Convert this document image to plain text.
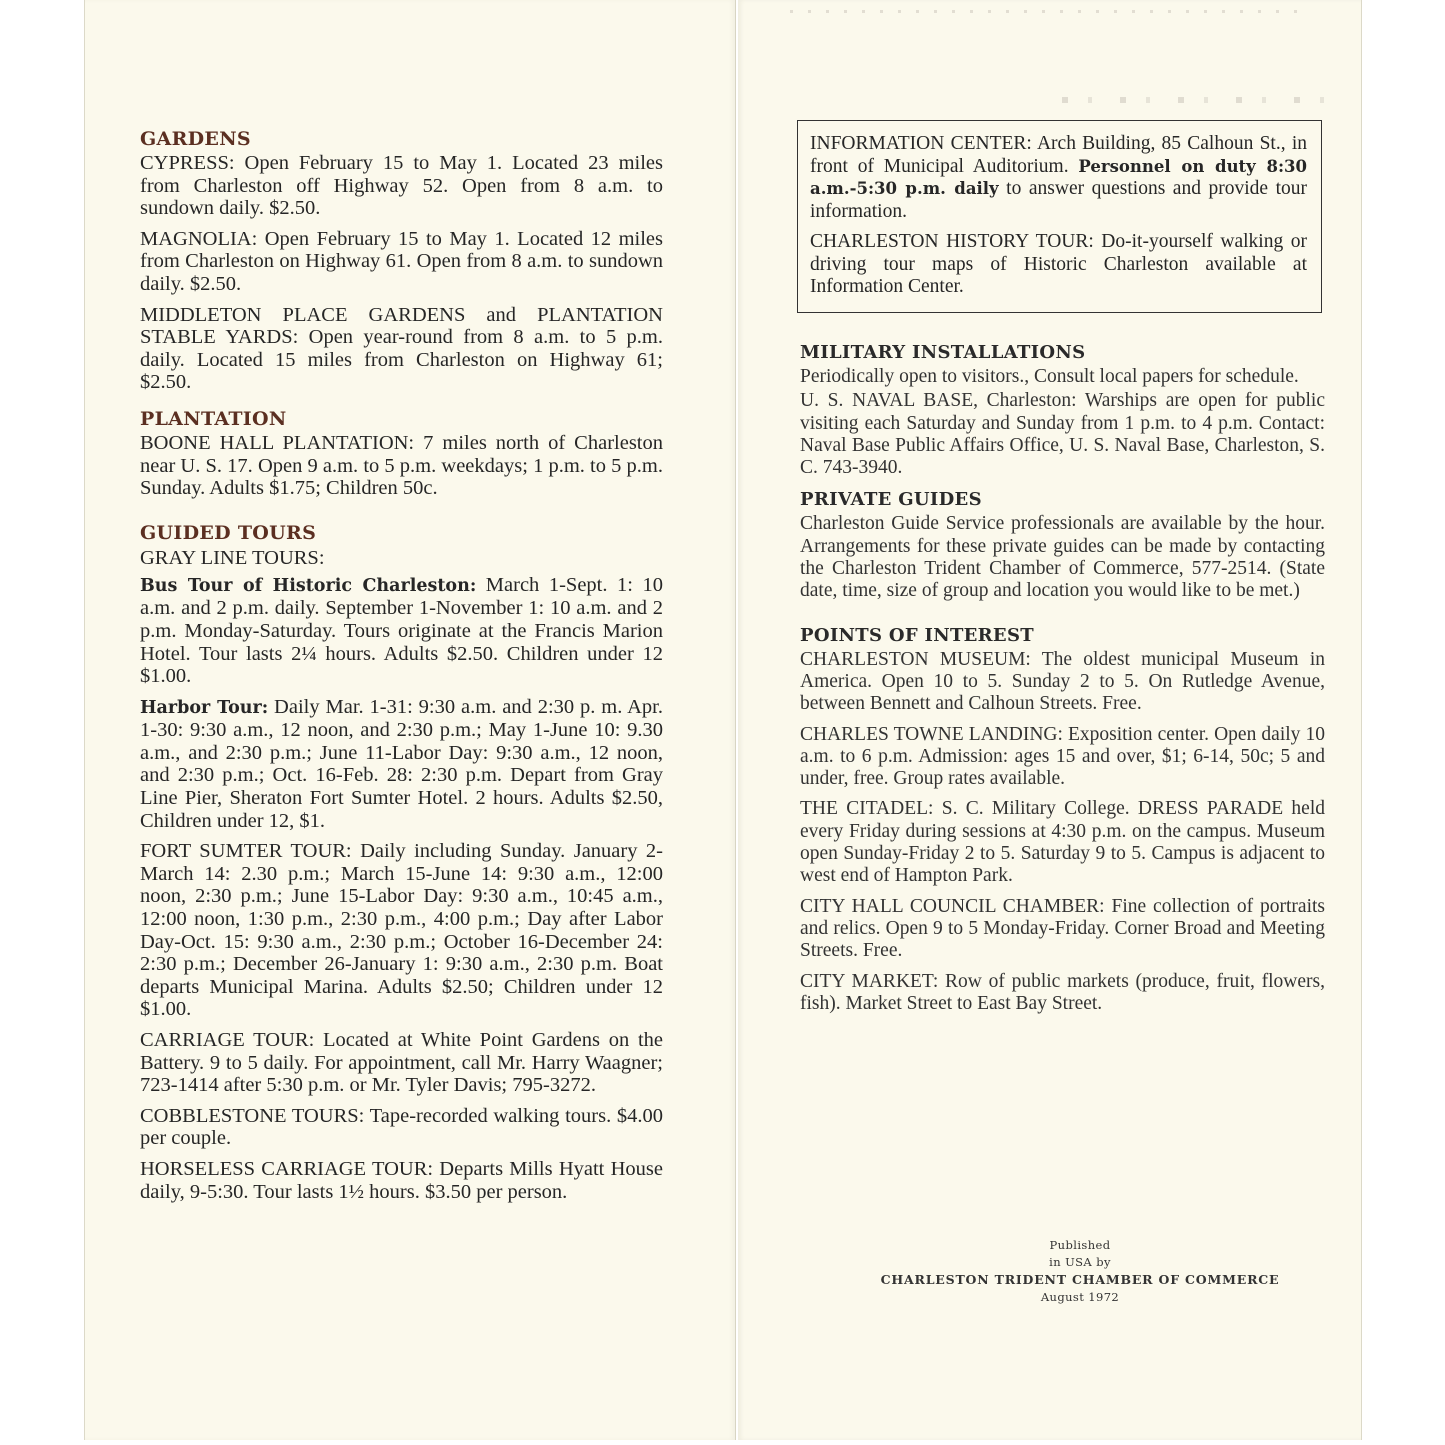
GARDENS

CYPRESS: Open February 15 to May 1. Located 23 miles from Charleston off Highway 52. Open from 8 a.m. to sundown daily. $2.50.

MAGNOLIA: Open February 15 to May 1. Located 12 miles from Charleston on Highway 61. Open from 8 a.m. to sundown daily. $2.50.

MIDDLETON PLACE GARDENS and PLANTATION STABLE YARDS: Open year-round from 8 a.m. to 5 p.m. daily. Located 15 miles from Charleston on Highway 61; $2.50.

PLANTATION

BOONE HALL PLANTATION: 7 miles north of Charleston near U. S. 17. Open 9 a.m. to 5 p.m. weekdays; 1 p.m. to 5 p.m. Sunday. Adults $1.75; Children 50c.

GUIDED TOURS

GRAY LINE TOURS:

Bus Tour of Historic Charleston: March 1-Sept. 1: 10 a.m. and 2 p.m. daily. September 1-November 1: 10 a.m. and 2 p.m. Monday-Saturday. Tours originate at the Francis Marion Hotel. Tour lasts 2¼ hours. Adults $2.50. Children under 12 $1.00.

Harbor Tour: Daily Mar. 1-31: 9:30 a.m. and 2:30 p. m. Apr. 1-30: 9:30 a.m., 12 noon, and 2:30 p.m.; May 1-June 10: 9.30 a.m., and 2:30 p.m.; June 11-Labor Day: 9:30 a.m., 12 noon, and 2:30 p.m.; Oct. 16-Feb. 28: 2:30 p.m. Depart from Gray Line Pier, Sheraton Fort Sumter Hotel. 2 hours. Adults $2.50, Children under 12, $1.

FORT SUMTER TOUR: Daily including Sunday. January 2-March 14: 2.30 p.m.; March 15-June 14: 9:30 a.m., 12:00 noon, 2:30 p.m.; June 15-Labor Day: 9:30 a.m., 10:45 a.m., 12:00 noon, 1:30 p.m., 2:30 p.m., 4:00 p.m.; Day after Labor Day-Oct. 15: 9:30 a.m., 2:30 p.m.; October 16-December 24: 2:30 p.m.; December 26-January 1: 9:30 a.m., 2:30 p.m. Boat departs Municipal Marina. Adults $2.50; Children under 12 $1.00.

CARRIAGE TOUR: Located at White Point Gardens on the Battery. 9 to 5 daily. For appointment, call Mr. Harry Waagner; 723-1414 after 5:30 p.m. or Mr. Tyler Davis; 795-3272.

COBBLESTONE TOURS: Tape-recorded walking tours. $4.00 per couple.

HORSELESS CARRIAGE TOUR: Departs Mills Hyatt House daily, 9-5:30. Tour lasts 1½ hours. $3.50 per person.

INFORMATION CENTER: Arch Building, 85 Calhoun St., in front of Municipal Auditorium. Personnel on duty 8:30 a.m.-5:30 p.m. daily to answer questions and provide tour information.

CHARLESTON HISTORY TOUR: Do-it-yourself walking or driving tour maps of Historic Charleston available at Information Center.

MILITARY INSTALLATIONS

Periodically open to visitors., Consult local papers for schedule.

U. S. NAVAL BASE, Charleston: Warships are open for public visiting each Saturday and Sunday from 1 p.m. to 4 p.m. Contact: Naval Base Public Affairs Office, U. S. Naval Base, Charleston, S. C. 743-3940.

PRIVATE GUIDES

Charleston Guide Service professionals are available by the hour. Arrangements for these private guides can be made by contacting the Charleston Trident Chamber of Commerce, 577-2514. (State date, time, size of group and location you would like to be met.)

POINTS OF INTEREST

CHARLESTON MUSEUM: The oldest municipal Museum in America. Open 10 to 5. Sunday 2 to 5. On Rutledge Avenue, between Bennett and Calhoun Streets. Free.

CHARLES TOWNE LANDING: Exposition center. Open daily 10 a.m. to 6 p.m. Admission: ages 15 and over, $1; 6-14, 50c; 5 and under, free. Group rates available.

THE CITADEL: S. C. Military College. DRESS PARADE held every Friday during sessions at 4:30 p.m. on the campus. Museum open Sunday-Friday 2 to 5. Saturday 9 to 5. Campus is adjacent to west end of Hampton Park.

CITY HALL COUNCIL CHAMBER: Fine collection of portraits and relics. Open 9 to 5 Monday-Friday. Corner Broad and Meeting Streets. Free.

CITY MARKET: Row of public markets (produce, fruit, flowers, fish). Market Street to East Bay Street.

Published
in USA by
CHARLESTON TRIDENT CHAMBER OF COMMERCE
August 1972
